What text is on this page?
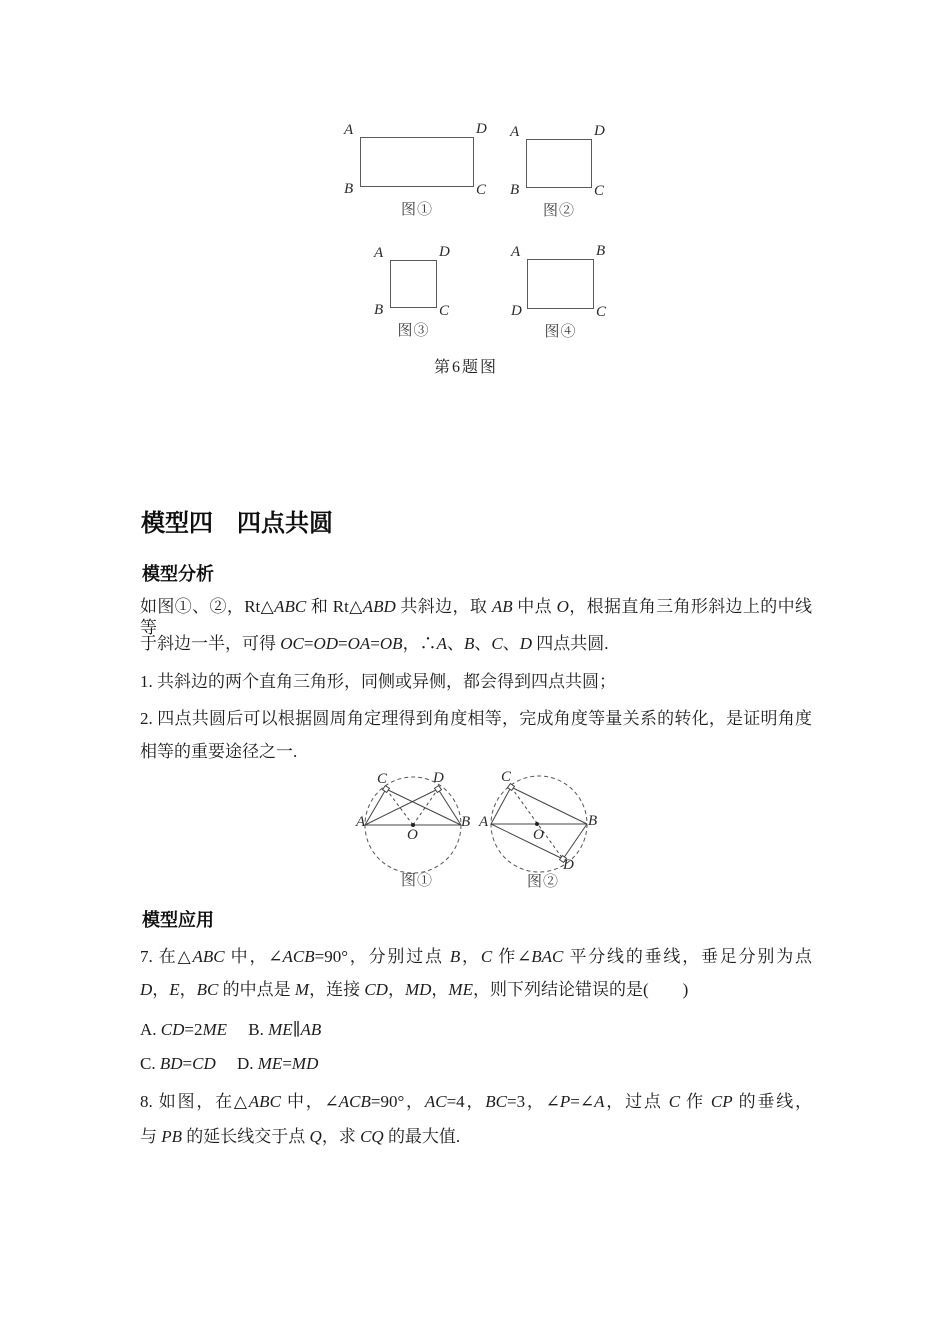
A	D
B	C
图①
A	D
B	C
图②
A	D
B	C
图③
A	B
D	C
图④
第6题图
模型四　四点共圆
模型分析
如图①、②，Rt△ABC 和 Rt△ABD 共斜边，取 AB 中点 O，根据直角三角形斜边上的中线等
于斜边一半，可得 OC=OD=OA=OB，∴A、B、C、D 四点共圆.
1. 共斜边的两个直角三角形，同侧或异侧，都会得到四点共圆；
2. 四点共圆后可以根据圆周角定理得到角度相等，完成角度等量关系的转化，是证明角度
相等的重要途径之一.
A	B
C	D
O
图①
A	B
C
D
O
图②
模型应用
7. 在△ABC 中，∠ACB=90°，分别过点 B，C 作∠BAC 平分线的垂线，垂足分别为点
D，E，BC 的中点是 M，连接 CD，MD，ME，则下列结论错误的是(　　)
A. CD=2ME　 B. ME∥AB
C. BD=CD　 D. ME=MD
8. 如图，在△ABC 中，∠ACB=90°，AC=4，BC=3，∠P=∠A，过点 C 作 CP 的垂线，
与 PB 的延长线交于点 Q，求 CQ 的最大值.
